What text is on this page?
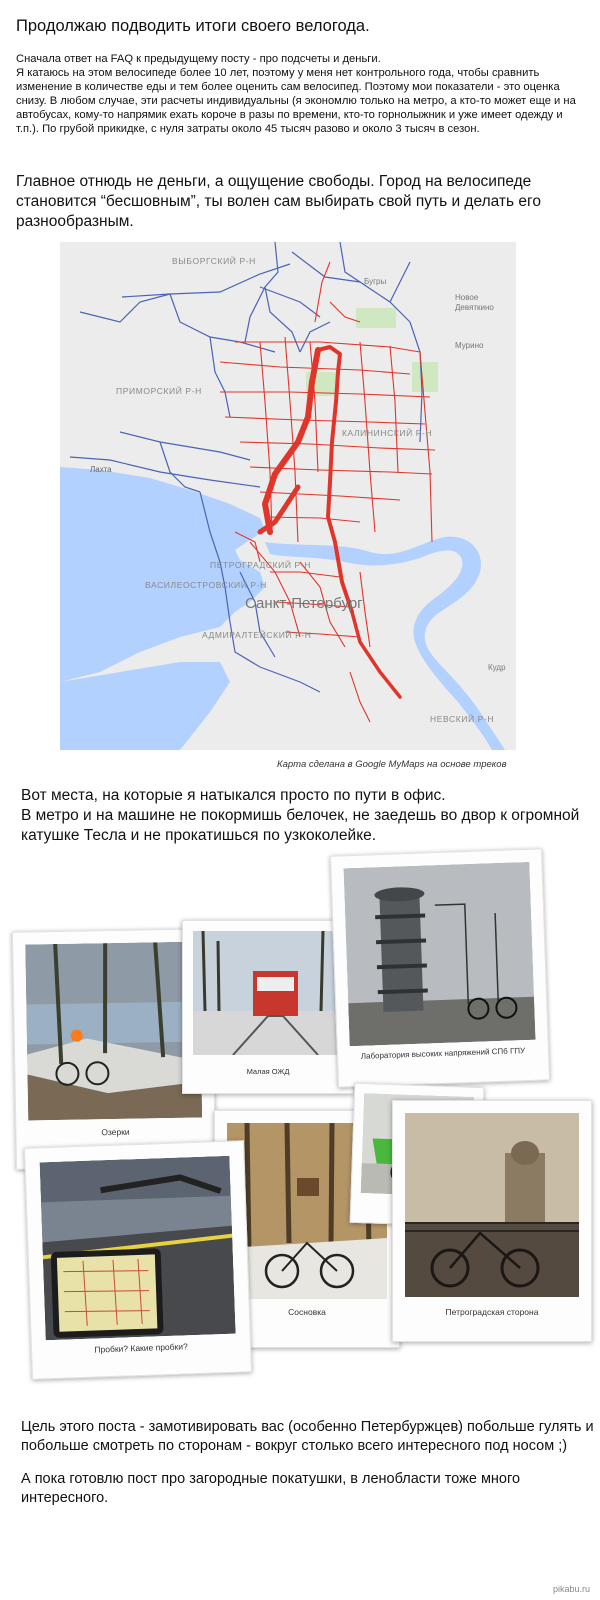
Продолжаю подводить итоги своего велогода.

Сначала ответ на FAQ к предыдущему посту - про подсчеты и деньги.

Я катаюсь на этом велосипеде более 10 лет, поэтому у меня нет контрольного года, чтобы сравнить изменение в количестве еды и тем более оценить сам велосипед. Поэтому мои показатели - это оценка снизу. В любом случае, эти расчеты индивидуальны (я экономлю только на метро, а кто-то может еще и на автобусах, кому-то напрямик ехать короче в разы по времени, кто-то горнолыжник и уже имеет одежду и т.п.). По грубой прикидке, с нуля затраты около 45 тысяч разово и около 3 тысяч в сезон.

Главное отнюдь не деньги, а ощущение свободы. Город на велосипеде становится “бесшовным”, ты волен сам выбирать свой путь и делать его разнообразным.
ВЫБОРГСКИЙ Р-Н
Бугры
Новое
Девяткино
Мурино
ПРИМОРСКИЙ Р-Н
КАЛИНИНСКИЙ Р-Н
Лахта
ПЕТРОГРАДСКИЙ Р-Н
ВАСИЛЕОСТРОВСКИЙ Р-Н
Санкт-Петербург
АДМИРАЛТЕЙСКИЙ Р-Н
Кудр
НЕВСКИЙ Р-Н
Карта сделана в Google MyMaps на основе треков

Вот места, на которые я натыкался просто по пути в офис.

В метро и на машине не покормишь белочек, не заедешь во двор к огромной катушке Тесла и не прокатишься по узкоколейке.

Озерки
Малая ОЖД
Лаборатория высоких напряжений СПб ГПУ
Сосновка	Петроградская сторона
Пробки? Какие пробки?

Цель этого поста - замотивировать вас (особенно Петербуржцев) побольше гулять и побольше смотреть по сторонам - вокруг столько всего интересного под носом ;)

А пока готовлю пост про загородные покатушки, в ленобласти тоже много интересного.

pikabu.ru
